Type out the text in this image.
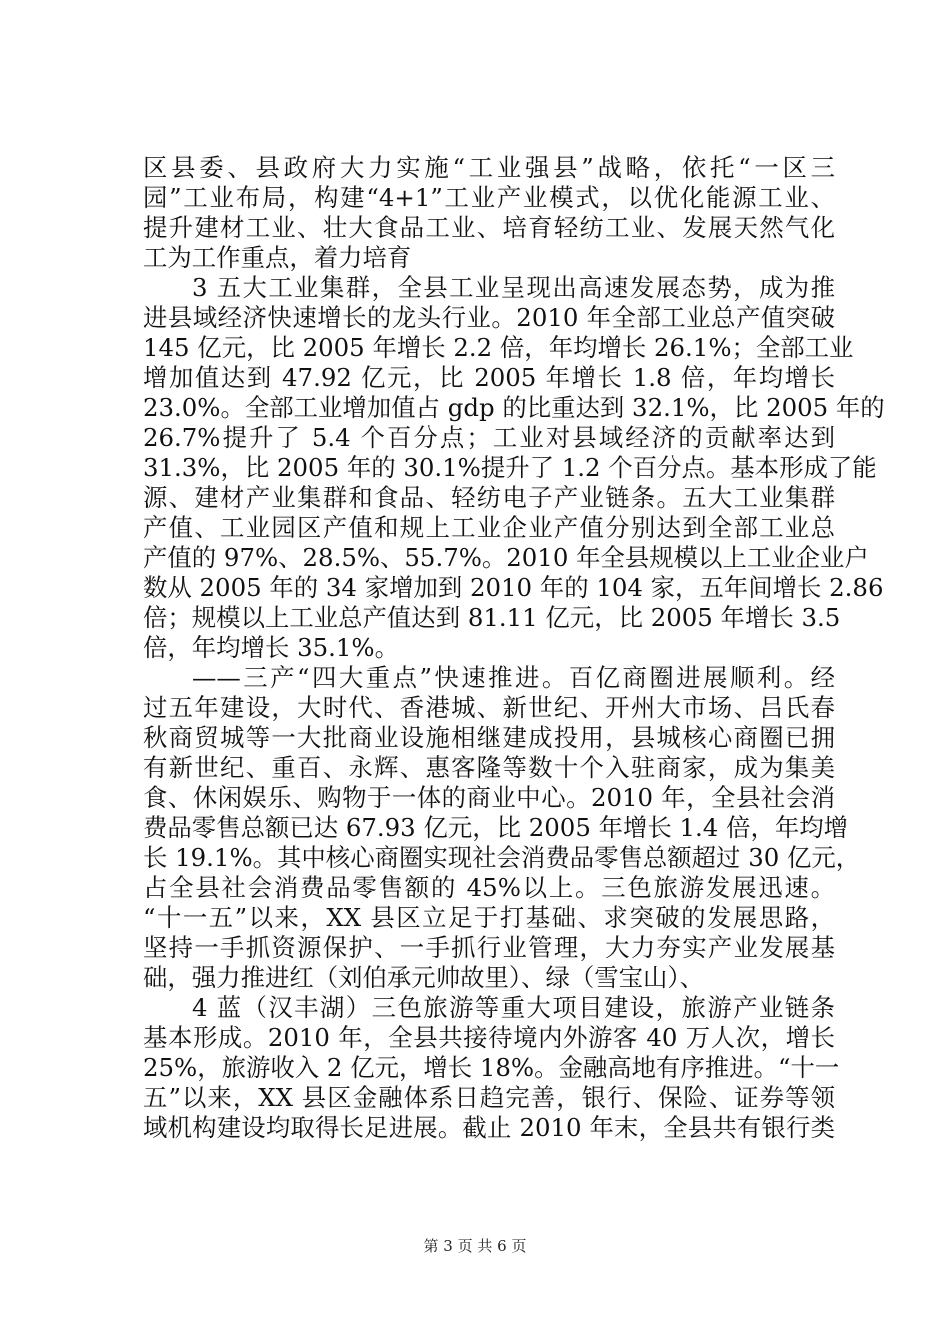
区县委、县政府大力实施“工业强县”战略，依托“一区三
园”工业布局，构建“4+1”工业产业模式，以优化能源工业、
提升建材工业、壮大食品工业、培育轻纺工业、发展天然气化
工为工作重点，着力培育
3 五大工业集群，全县工业呈现出高速发展态势，成为推
进县域经济快速增长的龙头行业。2010 年全部工业总产值突破
145 亿元，比 2005 年增长 2.2 倍，年均增长 26.1%；全部工业
增加值达到 47.92 亿元，比 2005 年增长 1.8 倍，年均增长
23.0%。全部工业增加值占 gdp 的比重达到 32.1%，比 2005 年的
26.7%提升了 5.4 个百分点；工业对县域经济的贡献率达到
31.3%，比 2005 年的 30.1%提升了 1.2 个百分点。基本形成了能
源、建材产业集群和食品、轻纺电子产业链条。五大工业集群
产值、工业园区产值和规上工业企业产值分别达到全部工业总
产值的 97%、28.5%、55.7%。2010 年全县规模以上工业企业户
数从 2005 年的 34 家增加到 2010 年的 104 家，五年间增长 2.86
倍；规模以上工业总产值达到 81.11 亿元，比 2005 年增长 3.5
倍，年均增长 35.1%。
——三产“四大重点”快速推进。百亿商圈进展顺利。经
过五年建设，大时代、香港城、新世纪、开州大市场、吕氏春
秋商贸城等一大批商业设施相继建成投用，县城核心商圈已拥
有新世纪、重百、永辉、惠客隆等数十个入驻商家，成为集美
食、休闲娱乐、购物于一体的商业中心。2010 年，全县社会消
费品零售总额已达 67.93 亿元，比 2005 年增长 1.4 倍，年均增
长 19.1%。其中核心商圈实现社会消费品零售总额超过 30 亿元，
占全县社会消费品零售额的 45%以上。三色旅游发展迅速。
“十一五”以来，XX 县区立足于打基础、求突破的发展思路，
坚持一手抓资源保护、一手抓行业管理，大力夯实产业发展基
础，强力推进红（刘伯承元帅故里）、绿（雪宝山）、
4 蓝（汉丰湖）三色旅游等重大项目建设，旅游产业链条
基本形成。2010 年，全县共接待境内外游客 40 万人次，增长
25%，旅游收入 2 亿元，增长 18%。金融高地有序推进。“十一
五”以来，XX 县区金融体系日趋完善，银行、保险、证券等领
域机构建设均取得长足进展。截止 2010 年末，全县共有银行类
第 3 页 共 6 页
